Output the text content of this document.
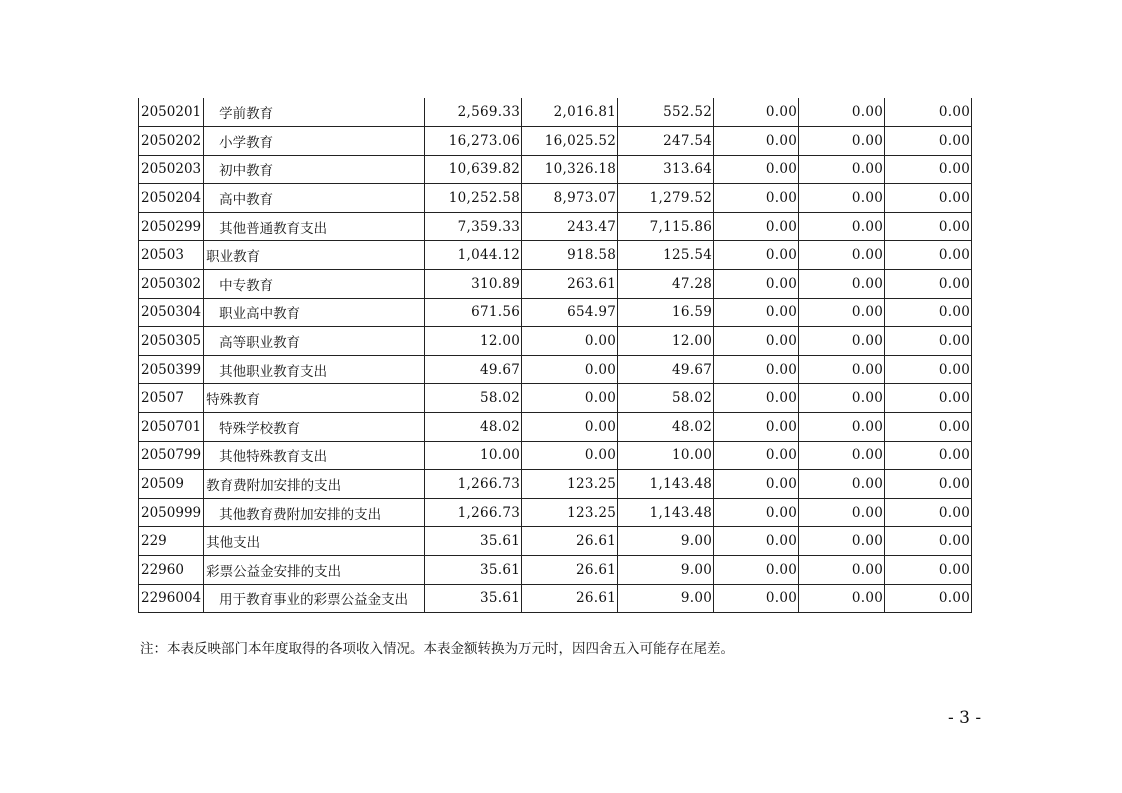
2050201	学前教育	2,569.33	2,016.81	552.52	0.00	0.00	0.00
2050202	小学教育	16,273.06	16,025.52	247.54	0.00	0.00	0.00
2050203	初中教育	10,639.82	10,326.18	313.64	0.00	0.00	0.00
2050204	高中教育	10,252.58	8,973.07	1,279.52	0.00	0.00	0.00
2050299	其他普通教育支出	7,359.33	243.47	7,115.86	0.00	0.00	0.00
20503	职业教育	1,044.12	918.58	125.54	0.00	0.00	0.00
2050302	中专教育	310.89	263.61	47.28	0.00	0.00	0.00
2050304	职业高中教育	671.56	654.97	16.59	0.00	0.00	0.00
2050305	高等职业教育	12.00	0.00	12.00	0.00	0.00	0.00
2050399	其他职业教育支出	49.67	0.00	49.67	0.00	0.00	0.00
20507	特殊教育	58.02	0.00	58.02	0.00	0.00	0.00
2050701	特殊学校教育	48.02	0.00	48.02	0.00	0.00	0.00
2050799	其他特殊教育支出	10.00	0.00	10.00	0.00	0.00	0.00
20509	教育费附加安排的支出	1,266.73	123.25	1,143.48	0.00	0.00	0.00
2050999	其他教育费附加安排的支出	1,266.73	123.25	1,143.48	0.00	0.00	0.00
229	其他支出	35.61	26.61	9.00	0.00	0.00	0.00
22960	彩票公益金安排的支出	35.61	26.61	9.00	0.00	0.00	0.00
2296004	用于教育事业的彩票公益金支出	35.61	26.61	9.00	0.00	0.00	0.00
注：本表反映部门本年度取得的各项收入情况。本表金额转换为万元时，因四舍五入可能存在尾差。
- 3 -
